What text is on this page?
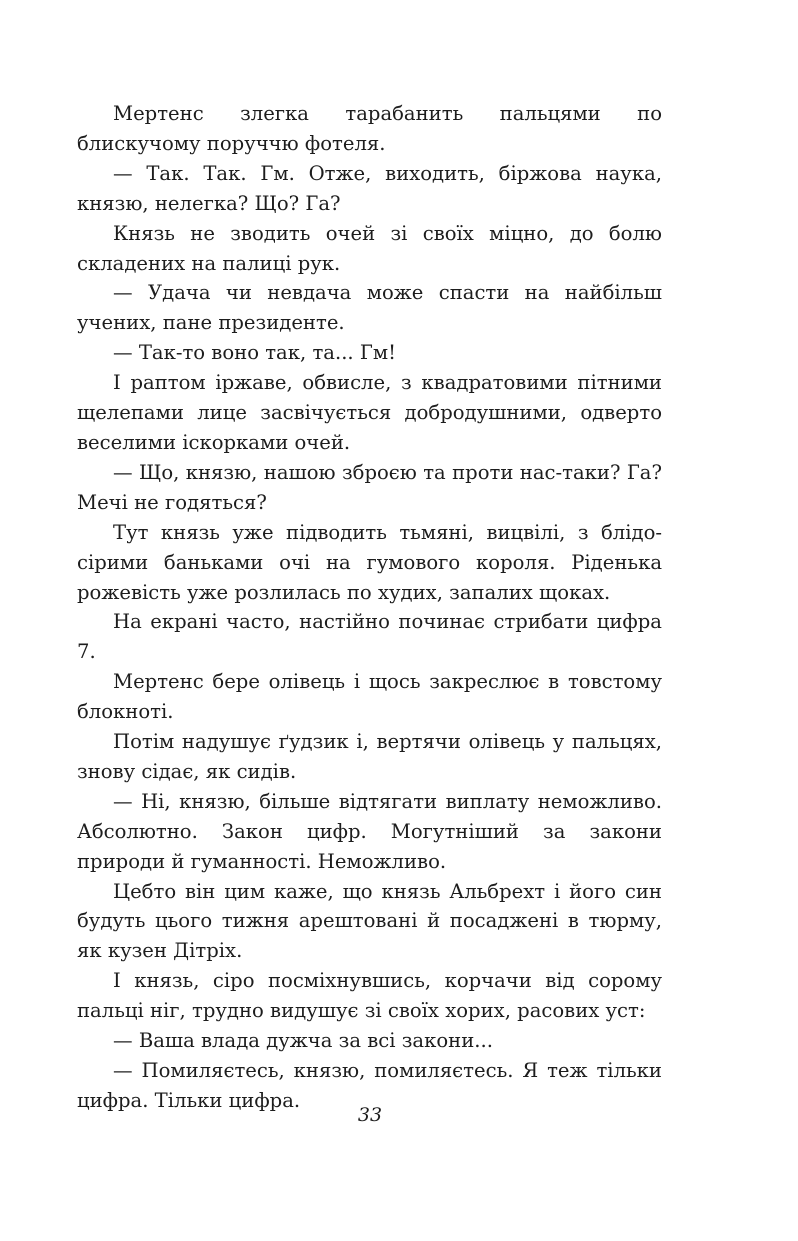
Мертенс злегка тарабанить пальцями по блискучому поруччю фотеля.

— Так. Так. Гм. Отже, виходить, біржова наука, князю, нелегка? Що? Га?

Князь не зводить очей зі своїх міцно, до болю складених на палиці рук.

— Удача чи невдача може спасти на найбільш учених, пане президенте.

— Так-то воно так, та... Гм!

І раптом іржаве, обвисле, з квадратовими пітними щелепами лице засвічується добродушними, одверто веселими іскорками очей.

— Що, князю, нашою зброєю та проти нас-таки? Га? Мечі не годяться?

Тут князь уже підводить тьмяні, вицвілі, з блідо-сірими баньками очі на гумового короля. Ріденька рожевість уже розлилась по худих, запалих щоках.

На екрані часто, настійно починає стрибати цифра 7.

Мертенс бере олівець і щось закреслює в товстому блокноті.

Потім надушує ґудзик і, вертячи олівець у пальцях, знову сідає, як сидів.

— Ні, князю, більше відтягати виплату неможливо. Абсолютно. Закон цифр. Могутніший за закони природи й гуманності. Неможливо.

Цебто він цим каже, що князь Альбрехт і його син будуть цього тижня арештовані й посаджені в тюрму, як кузен Дітріх.

І князь, сіро посміхнувшись, корчачи від сорому пальці ніг, трудно видушує зі своїх хорих, расових уст:

— Ваша влада дужча за всі закони...

— Помиляєтесь, князю, помиляєтесь. Я теж тільки цифра. Тільки цифра.

33
